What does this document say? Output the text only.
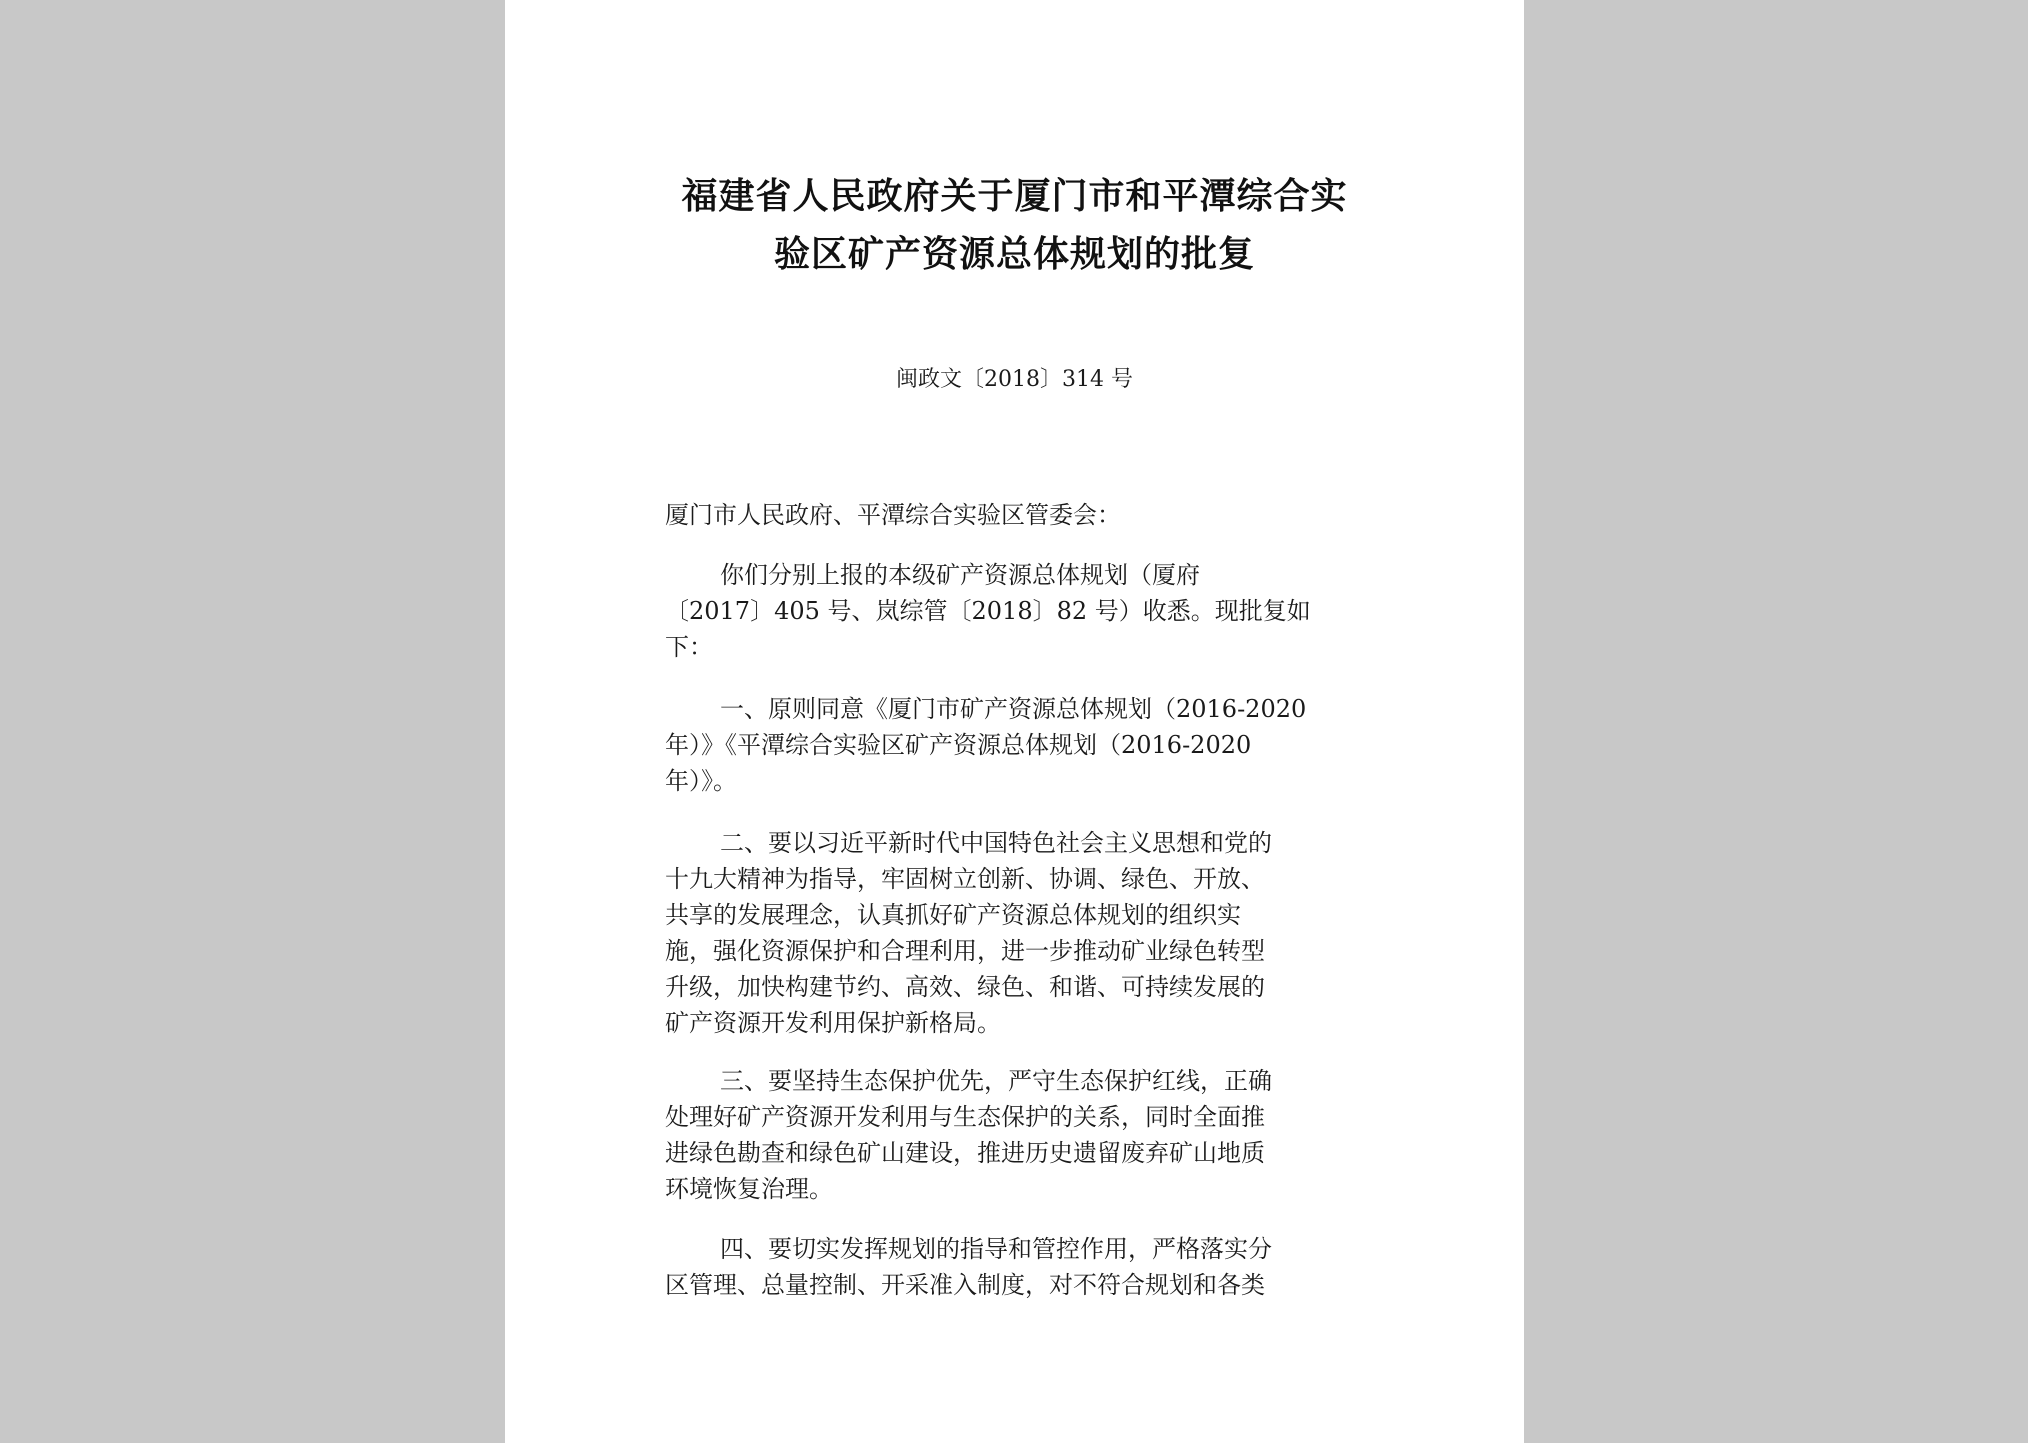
福建省人民政府关于厦门市和平潭综合实
验区矿产资源总体规划的批复
闽政文〔2018〕314 号
厦门市人民政府、平潭综合实验区管委会：
你们分别上报的本级矿产资源总体规划（厦府
〔2017〕405 号、岚综管〔2018〕82 号）收悉。现批复如
下：
一、原则同意《厦门市矿产资源总体规划（2016-2020
年）》《平潭综合实验区矿产资源总体规划（2016-2020
年）》。
二、要以习近平新时代中国特色社会主义思想和党的
十九大精神为指导，牢固树立创新、协调、绿色、开放、
共享的发展理念，认真抓好矿产资源总体规划的组织实
施，强化资源保护和合理利用，进一步推动矿业绿色转型
升级，加快构建节约、高效、绿色、和谐、可持续发展的
矿产资源开发利用保护新格局。
三、要坚持生态保护优先，严守生态保护红线，正确
处理好矿产资源开发利用与生态保护的关系，同时全面推
进绿色勘查和绿色矿山建设，推进历史遗留废弃矿山地质
环境恢复治理。
四、要切实发挥规划的指导和管控作用，严格落实分
区管理、总量控制、开采准入制度，对不符合规划和各类
